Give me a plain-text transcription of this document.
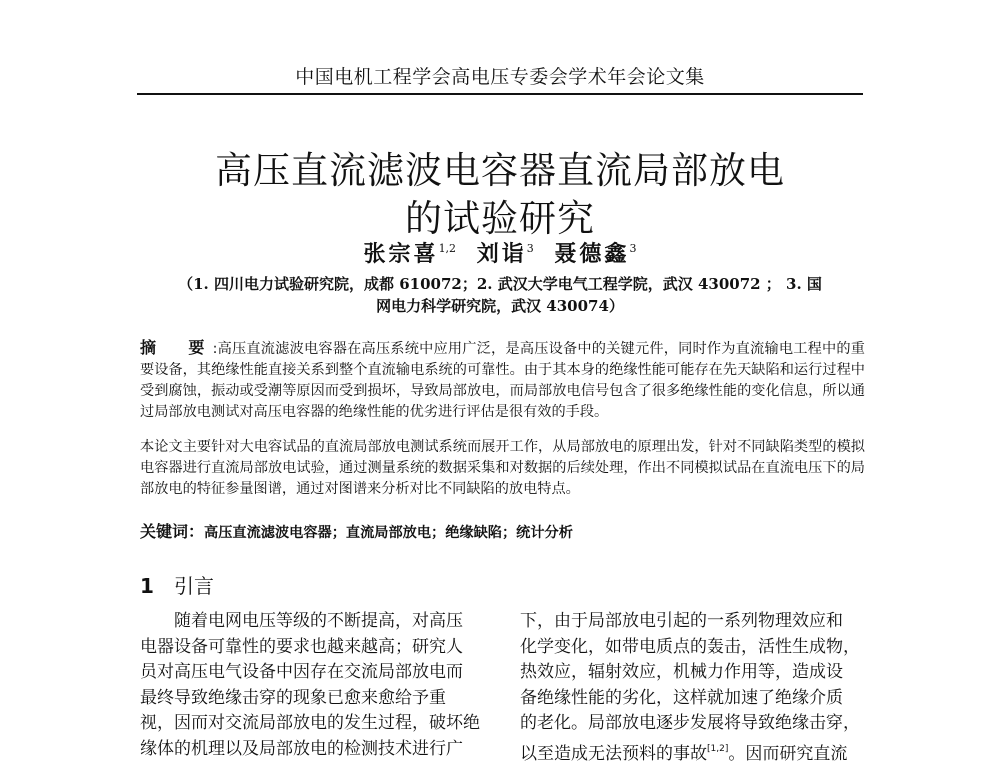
中国电机工程学会高电压专委会学术年会论文集
高压直流滤波电容器直流局部放电
的试验研究
张宗喜$^{1,2}$ 刘诣$^3$ 聂德鑫$^3$
（1. 四川电力试验研究院，成都 610072；2. 武汉大学电气工程学院，武汉 430072 ； 3. 国
网电力科学研究院，武汉 430074）
摘　要:高压直流滤波电容器在高压系统中应用广泛，是高压设备中的关键元件，同时作为直流输电工程中的重要设备，其绝缘性能直接关系到整个直流输电系统的可靠性。由于其本身的绝缘性能可能存在先天缺陷和运行过程中受到腐蚀，振动或受潮等原因而受到损坏，导致局部放电，而局部放电信号包含了很多绝缘性能的变化信息，所以通过局部放电测试对高压电容器的绝缘性能的优劣进行评估是很有效的手段。
本论文主要针对大电容试品的直流局部放电测试系统而展开工作，从局部放电的原理出发，针对不同缺陷类型的模拟电容器进行直流局部放电试验，通过测量系统的数据采集和对数据的后续处理，作出不同模拟试品在直流电压下的局部放电的特征参量图谱，通过对图谱来分析对比不同缺陷的放电特点。
关键词：高压直流滤波电容器；直流局部放电；绝缘缺陷；统计分析
1 引言
　　随着电网电压等级的不断提高，对高压
电器设备可靠性的要求也越来越高；研究人
员对高压电气设备中因存在交流局部放电而
最终导致绝缘击穿的现象已愈来愈给予重
视，因而对交流局部放电的发生过程，破坏绝
缘体的机理以及局部放电的检测技术进行广
下，由于局部放电引起的一系列物理效应和
化学变化，如带电质点的轰击，活性生成物，
热效应，辐射效应，机械力作用等，造成设
备绝缘性能的劣化，这样就加速了绝缘介质
的老化。局部放电逐步发展将导致绝缘击穿，
以至造成无法预料的事故[1,2]。因而研究直流
